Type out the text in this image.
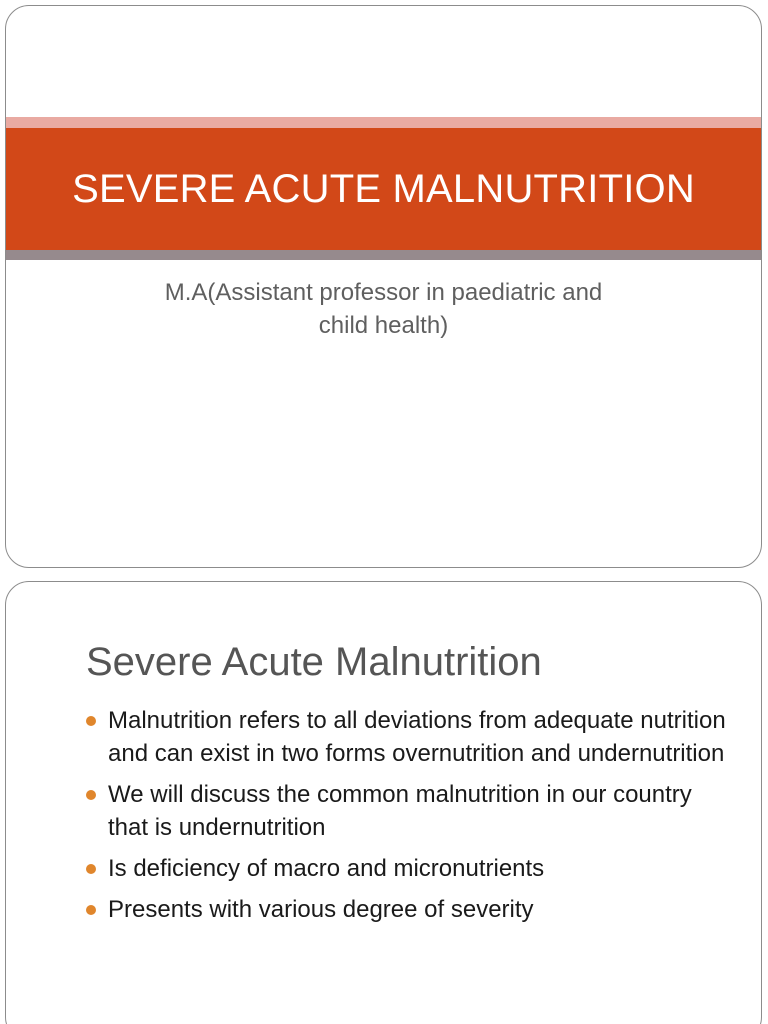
SEVERE ACUTE MALNUTRITION
M.A(Assistant professor in paediatric and
child health)
Severe Acute Malnutrition
Malnutrition refers to all deviations from adequate nutrition and can exist in two forms overnutrition and undernutrition
We will discuss the common malnutrition in our country that is undernutrition
Is deficiency of macro and micronutrients
Presents with various degree of severity
